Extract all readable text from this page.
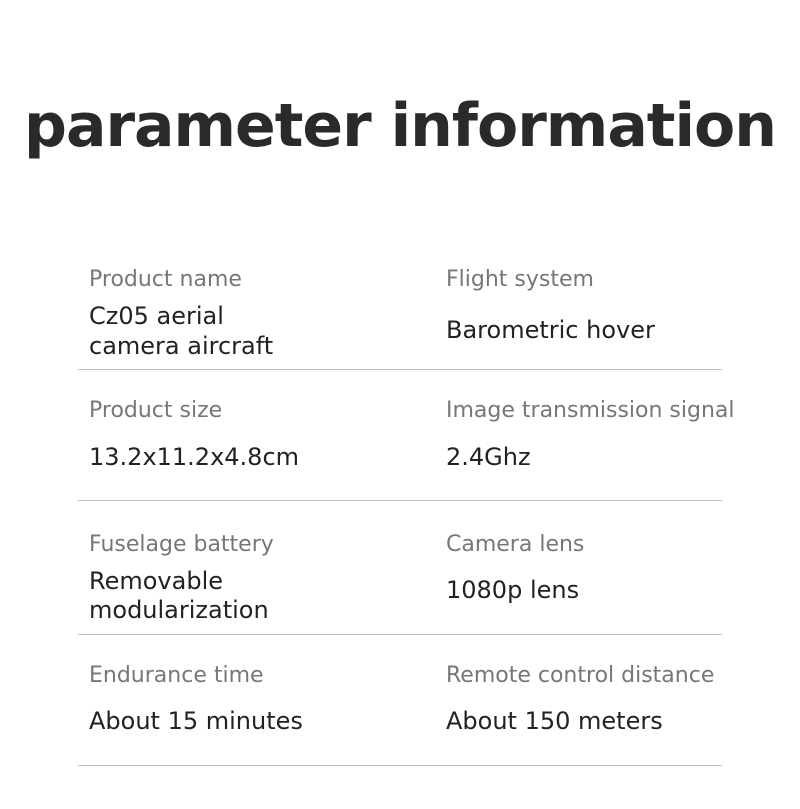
parameter information
Product name
Cz05 aerial
camera aircraft
Flight system
Barometric hover
Product size
13.2x11.2x4.8cm
Image transmission signal
2.4Ghz
Fuselage battery
Removable
modularization
Camera lens
1080p lens
Endurance time
About 15 minutes
Remote control distance
About 150 meters
